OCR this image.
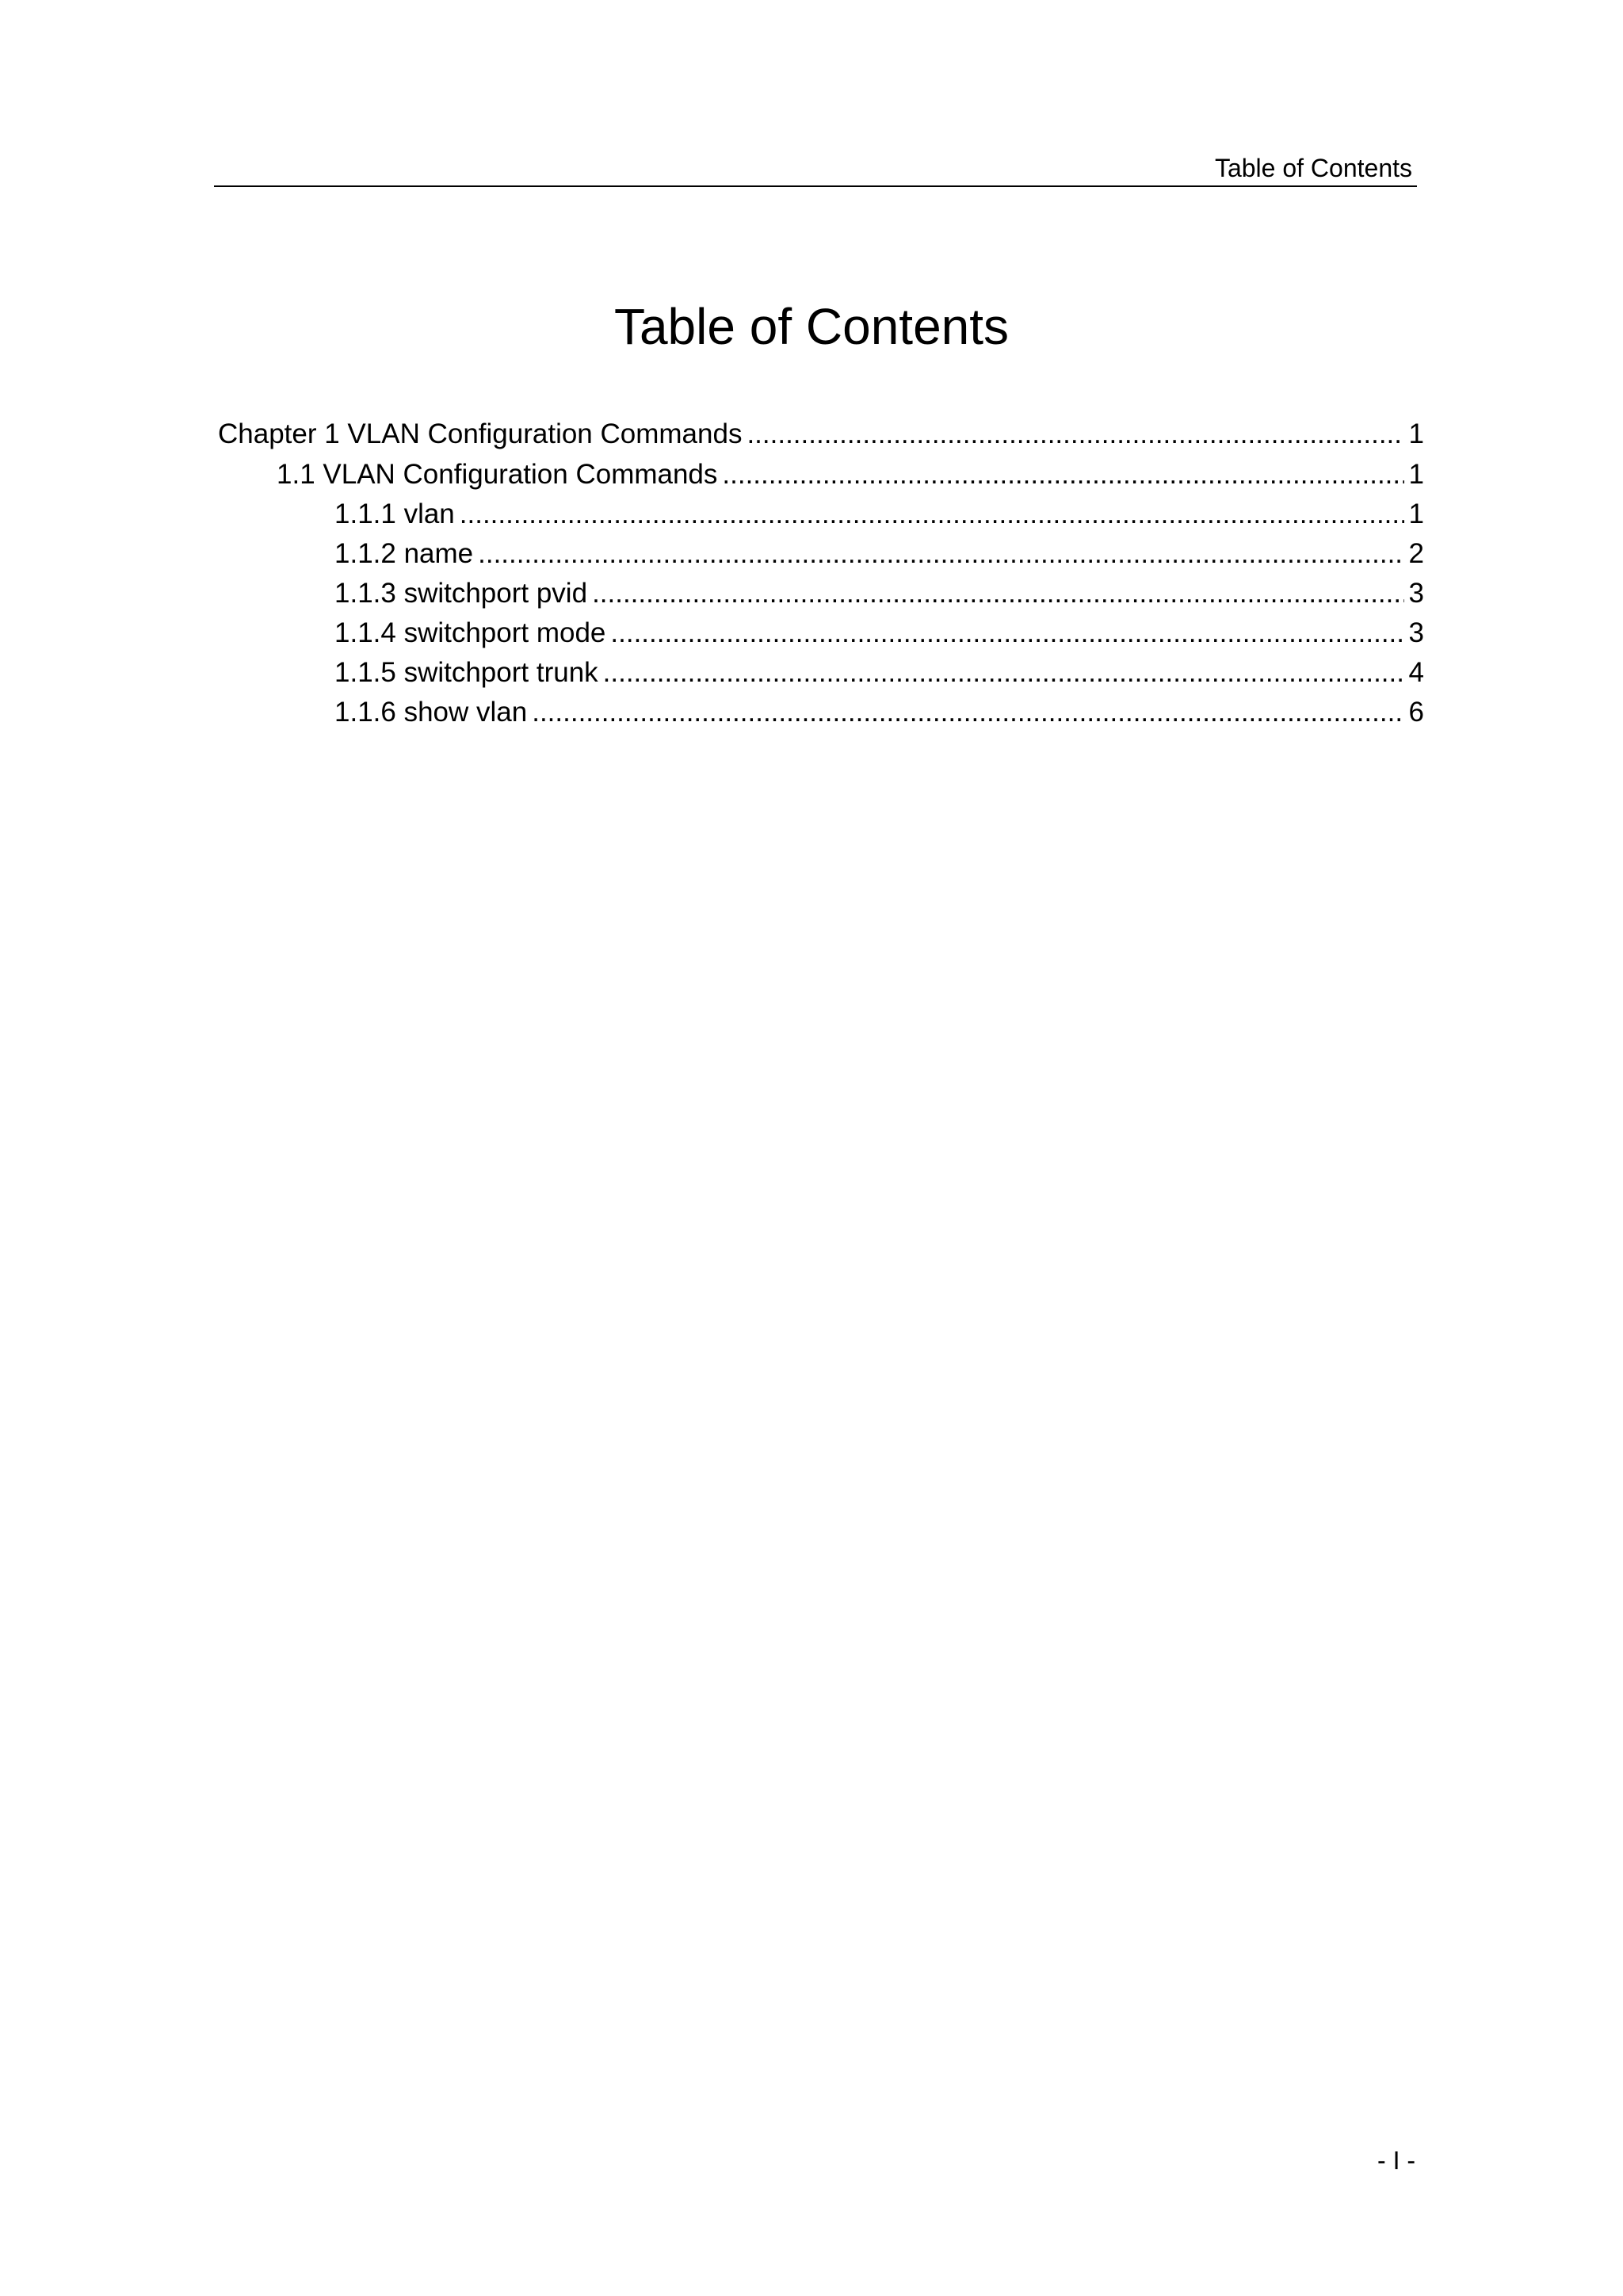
Table of Contents
Table of Contents
Chapter 1 VLAN Configuration Commands .....	1
1.1 VLAN Configuration Commands .....	1
1.1.1 vlan .....	1
1.1.2 name .....	2
1.1.3 switchport pvid .....	3
1.1.4 switchport mode .....	3
1.1.5 switchport trunk .....	4
1.1.6 show vlan .....	6
- I -
